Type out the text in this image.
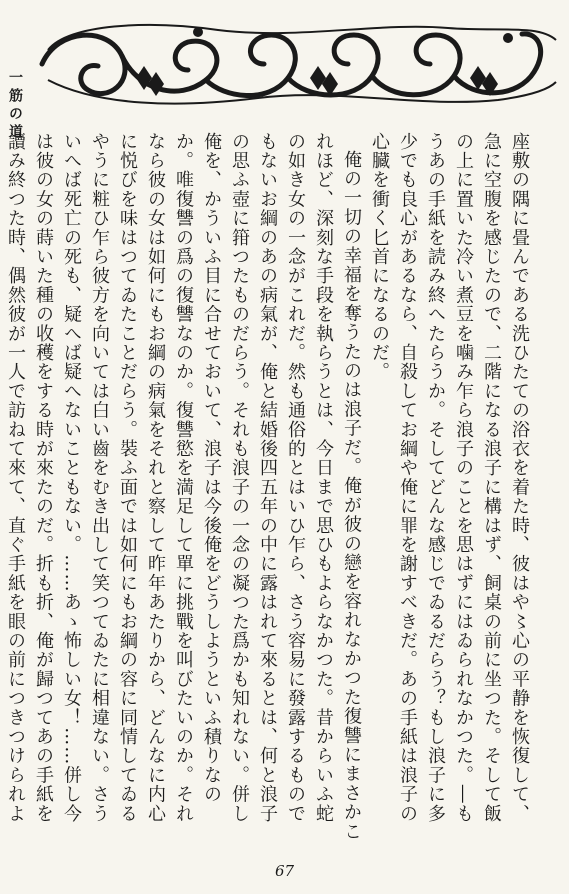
一筋の道

座敷の隅に畳んである洗ひたての浴衣を着た時、彼はや〻心の平静を恢復して、急に空腹を感じたので、二階になる浪子に構はず、飼桌の前に坐つた。そして飯の上に置いた冷い煮豆を噛み乍ら浪子のことを思はずにはゐられなかつた。―もうあの手紙を読み終へたらうか。そしてどんな感じでゐるだらう？もし浪子に多少でも良心があるなら、自殺してお綱や俺に罪を謝すべきだ。あの手紙は浪子の心臓を衝く匕首になるのだ。

俺の一切の幸福を奪うたのは浪子だ。俺が彼の戀を容れなかつた復讐にまさかこれほど、深刻な手段を執らうとは、今日まで思ひもよらなかつた。昔からいふ蛇の如き女の一念がこれだ。然も通俗的とはいひ乍ら、さう容易に發露するものでもないお綱のあの病氣が、俺と結婚後四五年の中に露はれて來るとは、何と浪子の思ふ壺に箝つたものだらう。それも浪子の一念の凝つた爲かも知れない。併し俺を、かういふ目に合せておいて、浪子は今後俺をどうしようといふ積りなのか。唯復讐の爲の復讐なのか。復讐慾を満足して單に挑戰を叫びたいのか。それなら彼の女は如何にもお綱の病氣をそれと察して昨年あたりから、どんなに内心に悦びを味はつてゐたことだらう。裝ふ面では如何にもお綱の容に同情してゐるやうに粧ひ乍ら彼方を向いては白い齒をむき出して笑つてゐたに相違ない。さういへば死亡の死も、疑へば疑へないこともない。……あゝ怖しい女！……併し今は彼の女の蒔いた種の收穫をする時が來たのだ。折も折、俺が歸つてあの手紙を讀み終つた時、偶然彼が一人で訪ねて來て、直ぐ手紙を眼の前につきつけられよ

67
